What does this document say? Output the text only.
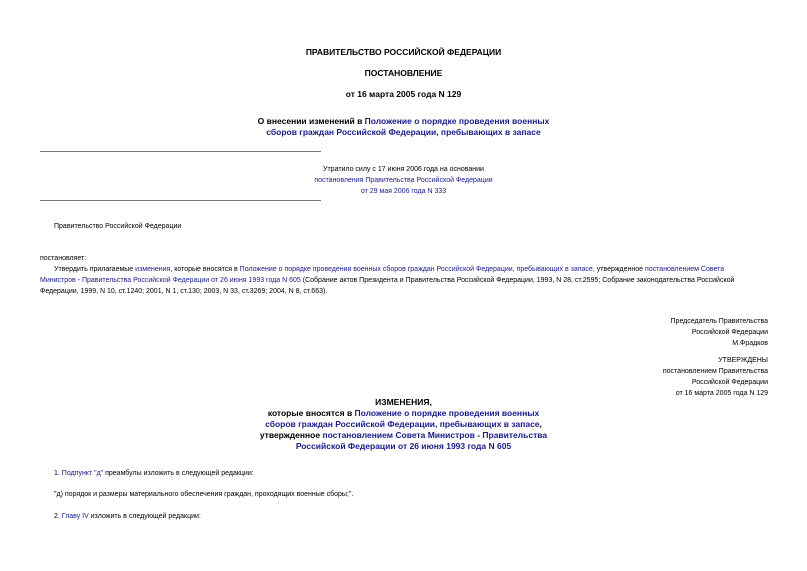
ПРАВИТЕЛЬСТВО РОССИЙСКОЙ ФЕДЕРАЦИИ
ПОСТАНОВЛЕНИЕ
от 16 марта 2005 года N 129
О внесении изменений в Положение о порядке проведения военных
сборов граждан Российской Федерации, пребывающих в запасе
Утратило силу с 17 июня 2006 года на основании
постановления Правительства Российской Федерации
от 29 мая 2006 года N 333
Правительство Российской Федерации
постановляет:
Утвердить прилагаемые изменения, которые вносятся в Положение о порядке проведения военных сборов граждан Российской Федерации, пребывающих в запасе, утвержденное постановлением Совета
Министров - Правительства Российской Федерации от 26 июня 1993 года N 605 (Собрание актов Президента и Правительства Российской Федерации, 1993, N 28, ст.2595; Собрание законодательства Российской
Федерации, 1999, N 10, ст.1240; 2001, N 1, ст.130; 2003, N 33, ст.3269; 2004, N 8, ст.663).
Председатель Правительства
Российской Федерации
М.Фрадков
УТВЕРЖДЕНЫ
постановлением Правительства
Российской Федерации
от 16 марта 2005 года N 129
ИЗМЕНЕНИЯ,
которые вносятся в Положение о порядке проведения военных
сборов граждан Российской Федерации, пребывающих в запасе,
утвержденное постановлением Совета Министров - Правительства
Российской Федерации от 26 июня 1993 года N 605
1. Подпункт "д" преамбулы изложить в следующей редакции:
"д) порядок и размеры материального обеспечения граждан, проходящих военные сборы;".
2. Главу IV изложить в следующей редакции:
